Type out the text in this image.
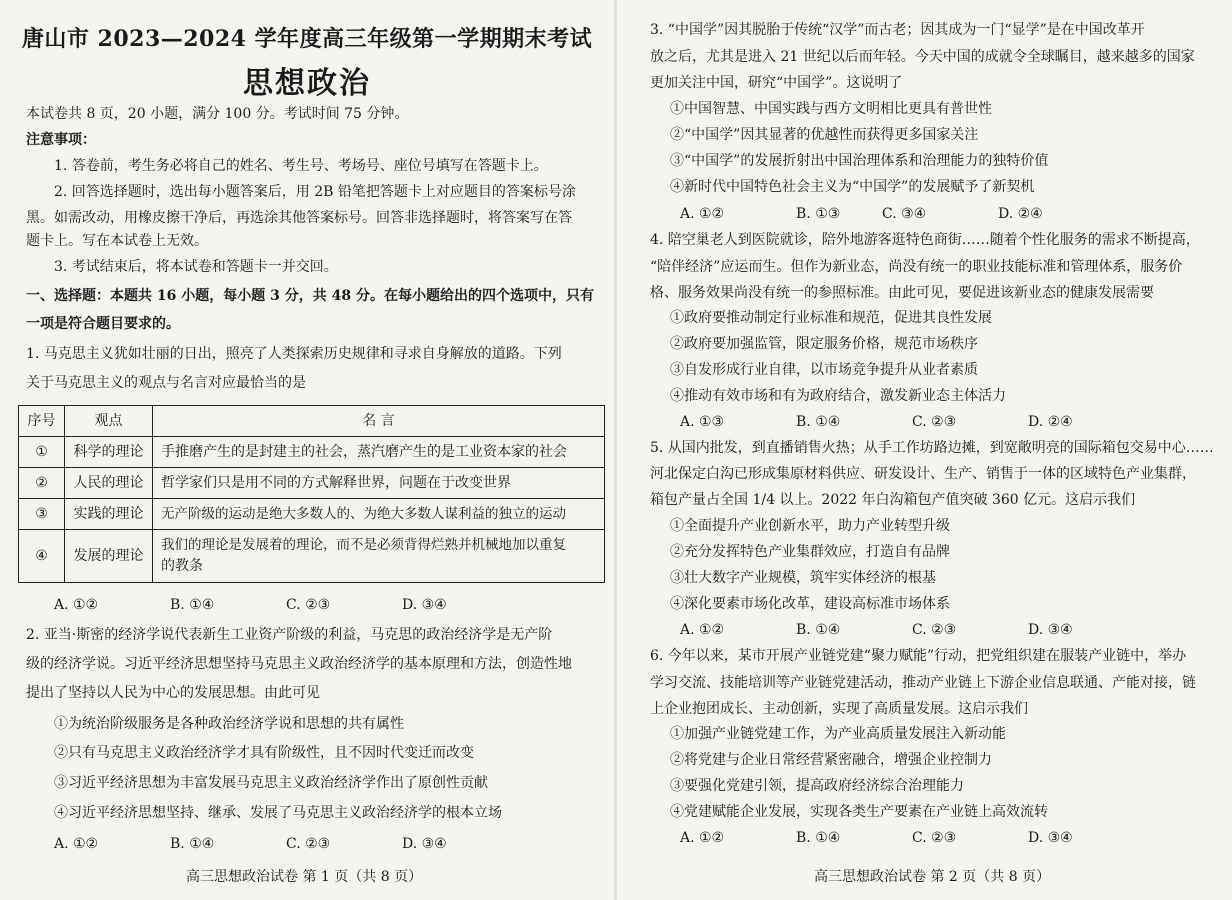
唐山市 2023—2024 学年度高三年级第一学期期末考试
思想政治
本试卷共 8 页，20 小题，满分 100 分。考试时间 75 分钟。
注意事项：
1. 答卷前，考生务必将自己的姓名、考生号、考场号、座位号填写在答题卡上。
2. 回答选择题时，选出每小题答案后，用 2B 铅笔把答题卡上对应题目的答案标号涂
黑。如需改动，用橡皮擦干净后，再选涂其他答案标号。回答非选择题时，将答案写在答
题卡上。写在本试卷上无效。
3. 考试结束后，将本试卷和答题卡一并交回。
一、选择题：本题共 16 小题，每小题 3 分，共 48 分。在每小题给出的四个选项中，只有
一项是符合题目要求的。
1. 马克思主义犹如壮丽的日出，照亮了人类探索历史规律和寻求自身解放的道路。下列
关于马克思主义的观点与名言对应最恰当的是
序号	观点	名 言
①	科学的理论	手推磨产生的是封建主的社会，蒸汽磨产生的是工业资本家的社会
②	人民的理论	哲学家们只是用不同的方式解释世界，问题在于改变世界
③	实践的理论	无产阶级的运动是绝大多数人的、为绝大多数人谋利益的独立的运动
④	发展的理论	我们的理论是发展着的理论，而不是必须背得烂熟并机械地加以重复
的教条
A. ①②	B. ①④	C. ②③	D. ③④
2. 亚当·斯密的经济学说代表新生工业资产阶级的利益，马克思的政治经济学是无产阶
级的经济学说。习近平经济思想坚持马克思主义政治经济学的基本原理和方法，创造性地
提出了坚持以人民为中心的发展思想。由此可见
①为统治阶级服务是各种政治经济学说和思想的共有属性
②只有马克思主义政治经济学才具有阶级性，且不因时代变迁而改变
③习近平经济思想为丰富发展马克思主义政治经济学作出了原创性贡献
④习近平经济思想坚持、继承、发展了马克思主义政治经济学的根本立场
A. ①②	B. ①④	C. ②③	D. ③④
高三思想政治试卷 第 1 页（共 8 页）
3. “中国学”因其脱胎于传统“汉学”而古老；因其成为一门“显学”是在中国改革开
放之后，尤其是进入 21 世纪以后而年轻。今天中国的成就令全球瞩目，越来越多的国家
更加关注中国，研究“中国学”。这说明了
①中国智慧、中国实践与西方文明相比更具有普世性
②“中国学”因其显著的优越性而获得更多国家关注
③“中国学”的发展折射出中国治理体系和治理能力的独特价值
④新时代中国特色社会主义为“中国学”的发展赋予了新契机
A. ①②	B. ①③	C. ③④	D. ②④
4. 陪空巢老人到医院就诊，陪外地游客逛特色商街……随着个性化服务的需求不断提高，
“陪伴经济”应运而生。但作为新业态，尚没有统一的职业技能标准和管理体系，服务价
格、服务效果尚没有统一的参照标准。由此可见，要促进该新业态的健康发展需要
①政府要推动制定行业标准和规范，促进其良性发展
②政府要加强监管，限定服务价格，规范市场秩序
③自发形成行业自律，以市场竞争提升从业者素质
④推动有效市场和有为政府结合，激发新业态主体活力
A. ①③	B. ①④	C. ②③	D. ②④
5. 从国内批发，到直播销售火热；从手工作坊路边摊，到宽敞明亮的国际箱包交易中心……
河北保定白沟已形成集原材料供应、研发设计、生产、销售于一体的区域特色产业集群，
箱包产量占全国 1/4 以上。2022 年白沟箱包产值突破 360 亿元。这启示我们
①全面提升产业创新水平，助力产业转型升级
②充分发挥特色产业集群效应，打造自有品牌
③壮大数字产业规模，筑牢实体经济的根基
④深化要素市场化改革，建设高标准市场体系
A. ①②	B. ①④	C. ②③	D. ③④
6. 今年以来，某市开展产业链党建“聚力赋能”行动，把党组织建在服装产业链中，举办
学习交流、技能培训等产业链党建活动，推动产业链上下游企业信息联通、产能对接，链
上企业抱团成长、主动创新，实现了高质量发展。这启示我们
①加强产业链党建工作，为产业高质量发展注入新动能
②将党建与企业日常经营紧密融合，增强企业控制力
③要强化党建引领，提高政府经济综合治理能力
④党建赋能企业发展，实现各类生产要素在产业链上高效流转
A. ①②	B. ①④	C. ②③	D. ③④
高三思想政治试卷 第 2 页（共 8 页）
